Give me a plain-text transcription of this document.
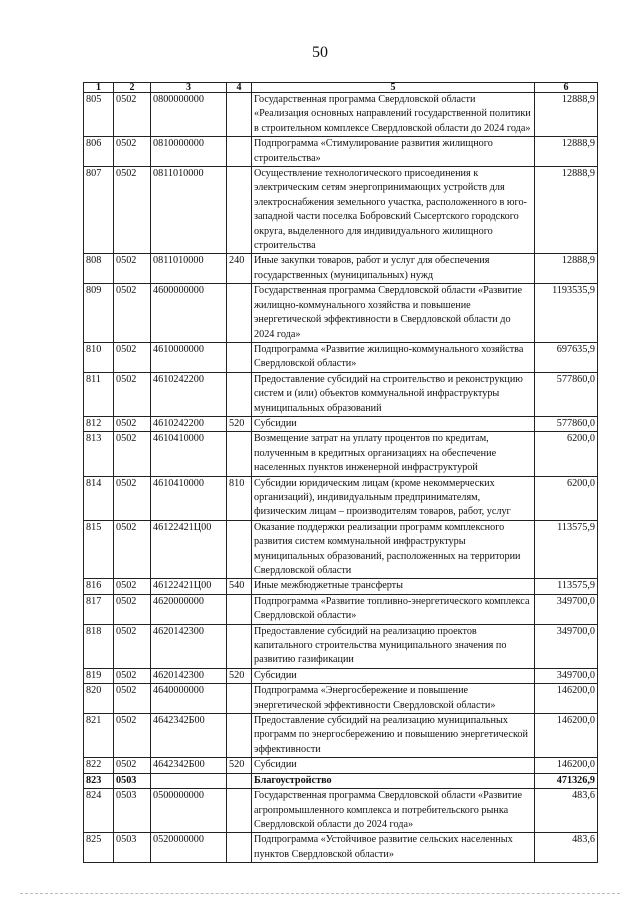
50
1	2	3	4	5	6
805	0502	0800000000		Государственная программа Свердловской области «Реализация основных направлений государственной политики в строительном комплексе Свердловской области до 2024 года»	12888,9
806	0502	0810000000		Подпрограмма «Стимулирование развития жилищного строительства»	12888,9
807	0502	0811010000		Осуществление технологического присоединения к электрическим сетям энергопринимающих устройств для электроснабжения земельного участка, расположенного в юго-западной части поселка Бобровский Сысертского городского округа, выделенного для индивидуального жилищного строительства	12888,9
808	0502	0811010000	240	Иные закупки товаров, работ и услуг для обеспечения государственных (муниципальных) нужд	12888,9
809	0502	4600000000		Государственная программа Свердловской области «Развитие жилищно-коммунального хозяйства и повышение энергетической эффективности в Свердловской области до 2024 года»	1193535,9
810	0502	4610000000		Подпрограмма «Развитие жилищно-коммунального хозяйства Свердловской области»	697635,9
811	0502	4610242200		Предоставление субсидий на строительство и реконструкцию систем и (или) объектов коммунальной инфраструктуры муниципальных образований	577860,0
812	0502	4610242200	520	Субсидии	577860,0
813	0502	4610410000		Возмещение затрат на уплату процентов по кредитам, полученным в кредитных организациях на обеспечение населенных пунктов инженерной инфраструктурой	6200,0
814	0502	4610410000	810	Субсидии юридическим лицам (кроме некоммерческих организаций), индивидуальным предпринимателям, физическим лицам – производителям товаров, работ, услуг	6200,0
815	0502	46122421Ц00		Оказание поддержки реализации программ комплексного развития систем коммунальной инфраструктуры муниципальных образований, расположенных на территории Свердловской области	113575,9
816	0502	46122421Ц00	540	Иные межбюджетные трансферты	113575,9
817	0502	4620000000		Подпрограмма «Развитие топливно-энергетического комплекса Свердловской области»	349700,0
818	0502	4620142300		Предоставление субсидий на реализацию проектов капитального строительства муниципального значения по развитию газификации	349700,0
819	0502	4620142300	520	Субсидии	349700,0
820	0502	4640000000		Подпрограмма «Энергосбережение и повышение энергетической эффективности Свердловской области»	146200,0
821	0502	4642342Б00		Предоставление субсидий на реализацию муниципальных программ по энергосбережению и повышению энергетической эффективности	146200,0
822	0502	4642342Б00	520	Субсидии	146200,0
823	0503			Благоустройство	471326,9
824	0503	0500000000		Государственная программа Свердловской области «Развитие агропромышленного комплекса и потребительского рынка Свердловской области до 2024 года»	483,6
825	0503	0520000000		Подпрограмма «Устойчивое развитие сельских населенных пунктов Свердловской области»	483,6
